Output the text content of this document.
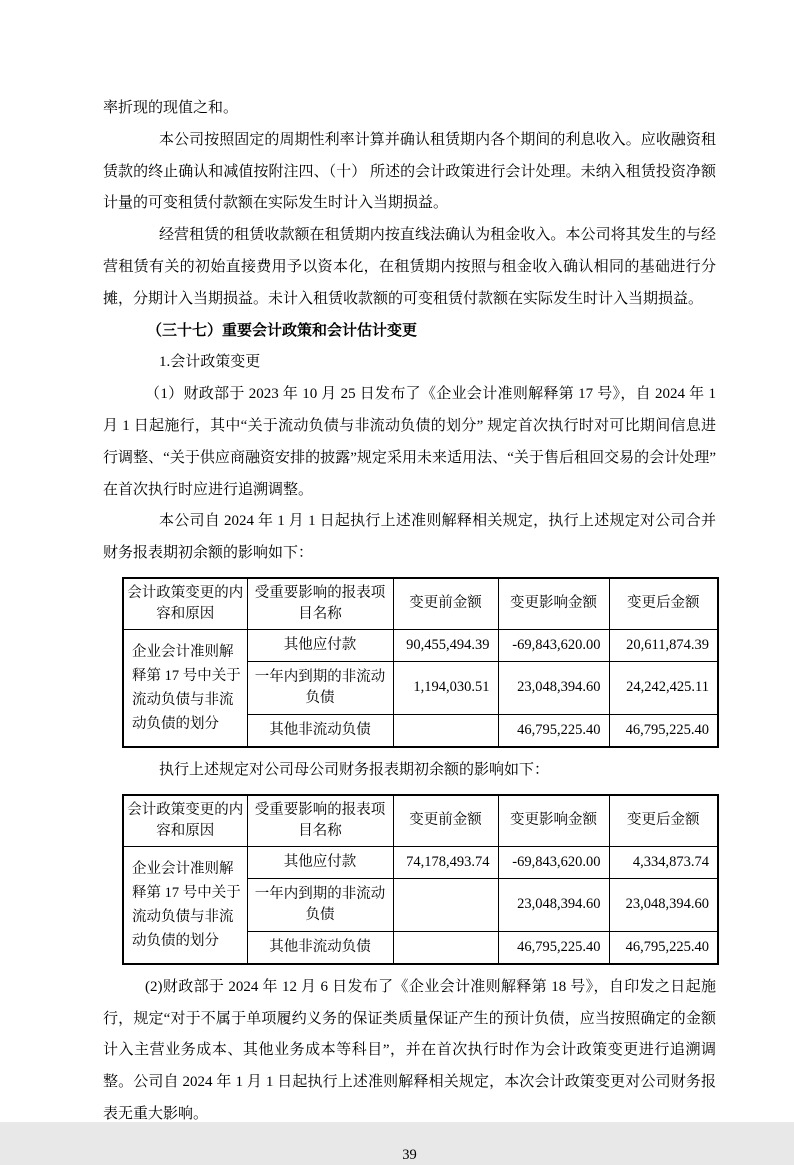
率折现的现值之和。

本公司按照固定的周期性利率计算并确认租赁期内各个期间的利息收入。应收融资租赁款的终止确认和减值按附注四、（十） 所述的会计政策进行会计处理。未纳入租赁投资净额计量的可变租赁付款额在实际发生时计入当期损益。

经营租赁的租赁收款额在租赁期内按直线法确认为租金收入。本公司将其发生的与经营租赁有关的初始直接费用予以资本化，在租赁期内按照与租金收入确认相同的基础进行分摊，分期计入当期损益。未计入租赁收款额的可变租赁付款额在实际发生时计入当期损益。

（三十七）重要会计政策和会计估计变更

1.会计政策变更

（1）财政部于 2023 年 10 月 25 日发布了《企业会计准则解释第 17 号》，自 2024 年 1 月 1 日起施行，其中“关于流动负债与非流动负债的划分” 规定首次执行时对可比期间信息进行调整、“关于供应商融资安排的披露”规定采用未来适用法、“关于售后租回交易的会计处理” 在首次执行时应进行追溯调整。

本公司自 2024 年 1 月 1 日起执行上述准则解释相关规定，执行上述规定对公司合并财务报表期初余额的影响如下：

会计政策变更的内容和原因	受重要影响的报表项目名称	变更前金额	变更影响金额	变更后金额
企业会计准则解释第 17 号中关于流动负债与非流动负债的划分	其他应付款	90,455,494.39	-69,843,620.00	20,611,874.39
	一年内到期的非流动负债	1,194,030.51	23,048,394.60	24,242,425.11
	其他非流动负债		46,795,225.40	46,795,225.40

执行上述规定对公司母公司财务报表期初余额的影响如下：

会计政策变更的内容和原因	受重要影响的报表项目名称	变更前金额	变更影响金额	变更后金额
企业会计准则解释第 17 号中关于流动负债与非流动负债的划分	其他应付款	74,178,493.74	-69,843,620.00	4,334,873.74
	一年内到期的非流动负债		23,048,394.60	23,048,394.60
	其他非流动负债		46,795,225.40	46,795,225.40

(2)财政部于 2024 年 12 月 6 日发布了《企业会计准则解释第 18 号》，自印发之日起施行，规定“对于不属于单项履约义务的保证类质量保证产生的预计负债，应当按照确定的金额计入主营业务成本、其他业务成本等科目”，并在首次执行时作为会计政策变更进行追溯调整。公司自 2024 年 1 月 1 日起执行上述准则解释相关规定，本次会计政策变更对公司财务报表无重大影响。

39
